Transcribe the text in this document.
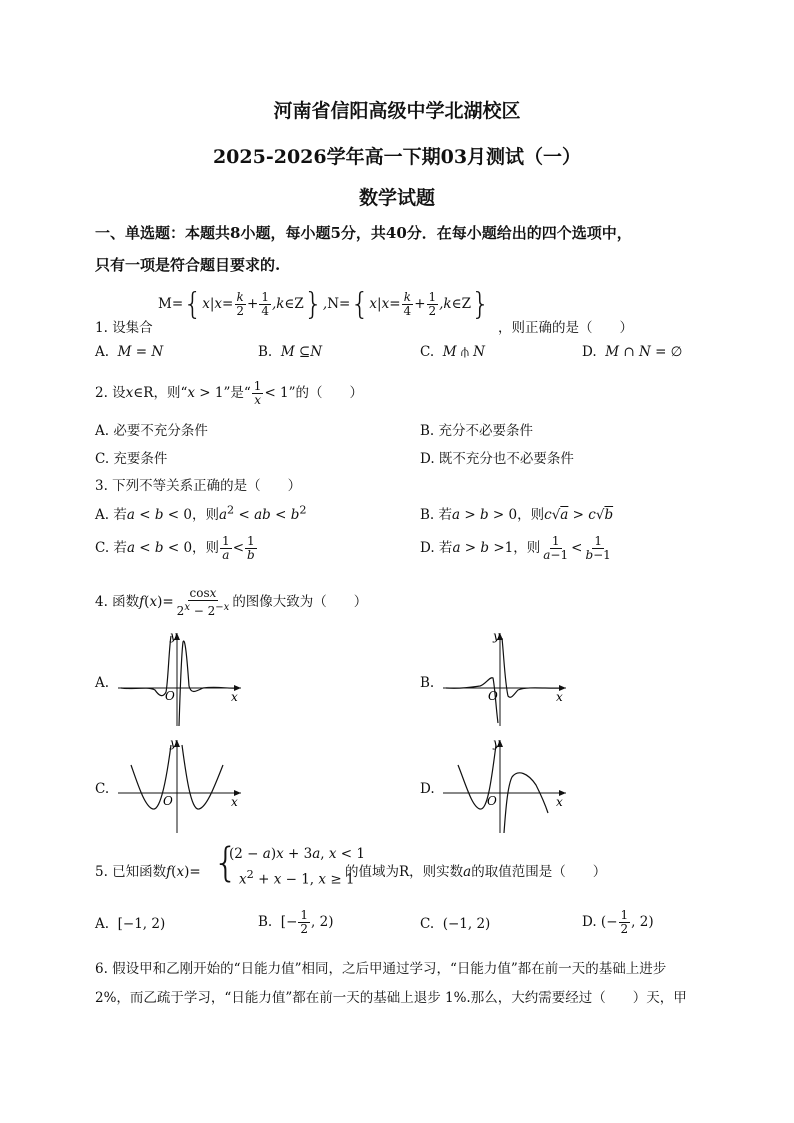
河南省信阳高级中学北湖校区
2025-2026学年高一下期03月测试（一）
数学试题
一、单选题：本题共8小题，每小题5分，共40分．在每小题给出的四个选项中，
只有一项是符合题目要求的.
$M=\{x|x= \frac{k}{2} + \frac{1}{4}$ ,k∈Z},N={x|x= $\frac{k}{4} + \frac{1}{2}$ ,k∈Z}
1. 设集合	，则正确的是（　　）
A. M = N	B. M ⊆N	C. M ⫛ N	D. M ∩ N = ∅
2. 设x∈R，则“x > 1”是“ $\frac{1}{x} < 1$”的（　　）
A. 必要不充分条件	B. 充分不必要条件
C. 充要条件	D. 既不充分也不必要条件
3. 下列不等关系正确的是（　　）
A. 若a < b < 0，则$a^2$ < ab < $b^2$	B. 若a > b > 0，则c√a > c√b
C. 若a < b < 0，则 $\frac{1}{a} < \frac{1}{b}$	D. 若a > b >1，则 $\frac{1}{a-1} < \frac{1}{b-1}$
4. 函数$f(x)= \frac{\cos x}{2^x - 2^{-x}}$ 的图像大致为（　　）
A.
y
x
O
B.
y
x
O
C.
y
x
O
D.
y
x
O
5. 已知函数f(x)= {
(2 − a)x + 3a, x < 1
$x^2 + x - 1$, x ≥ 1
的值域为R，则实数a的取值范围是（　　）
A.  [−1, 2)	B.  [− $\frac{1}{2}$ , 2)	C.  (−1, 2)	D. (− $\frac{1}{2}$ , 2)
6. 假设甲和乙刚开始的“日能力值”相同，之后甲通过学习，“日能力值”都在前一天的基础上进步
2%，而乙疏于学习，“日能力值”都在前一天的基础上退步 1%.那么，大约需要经过（　　）天，甲
